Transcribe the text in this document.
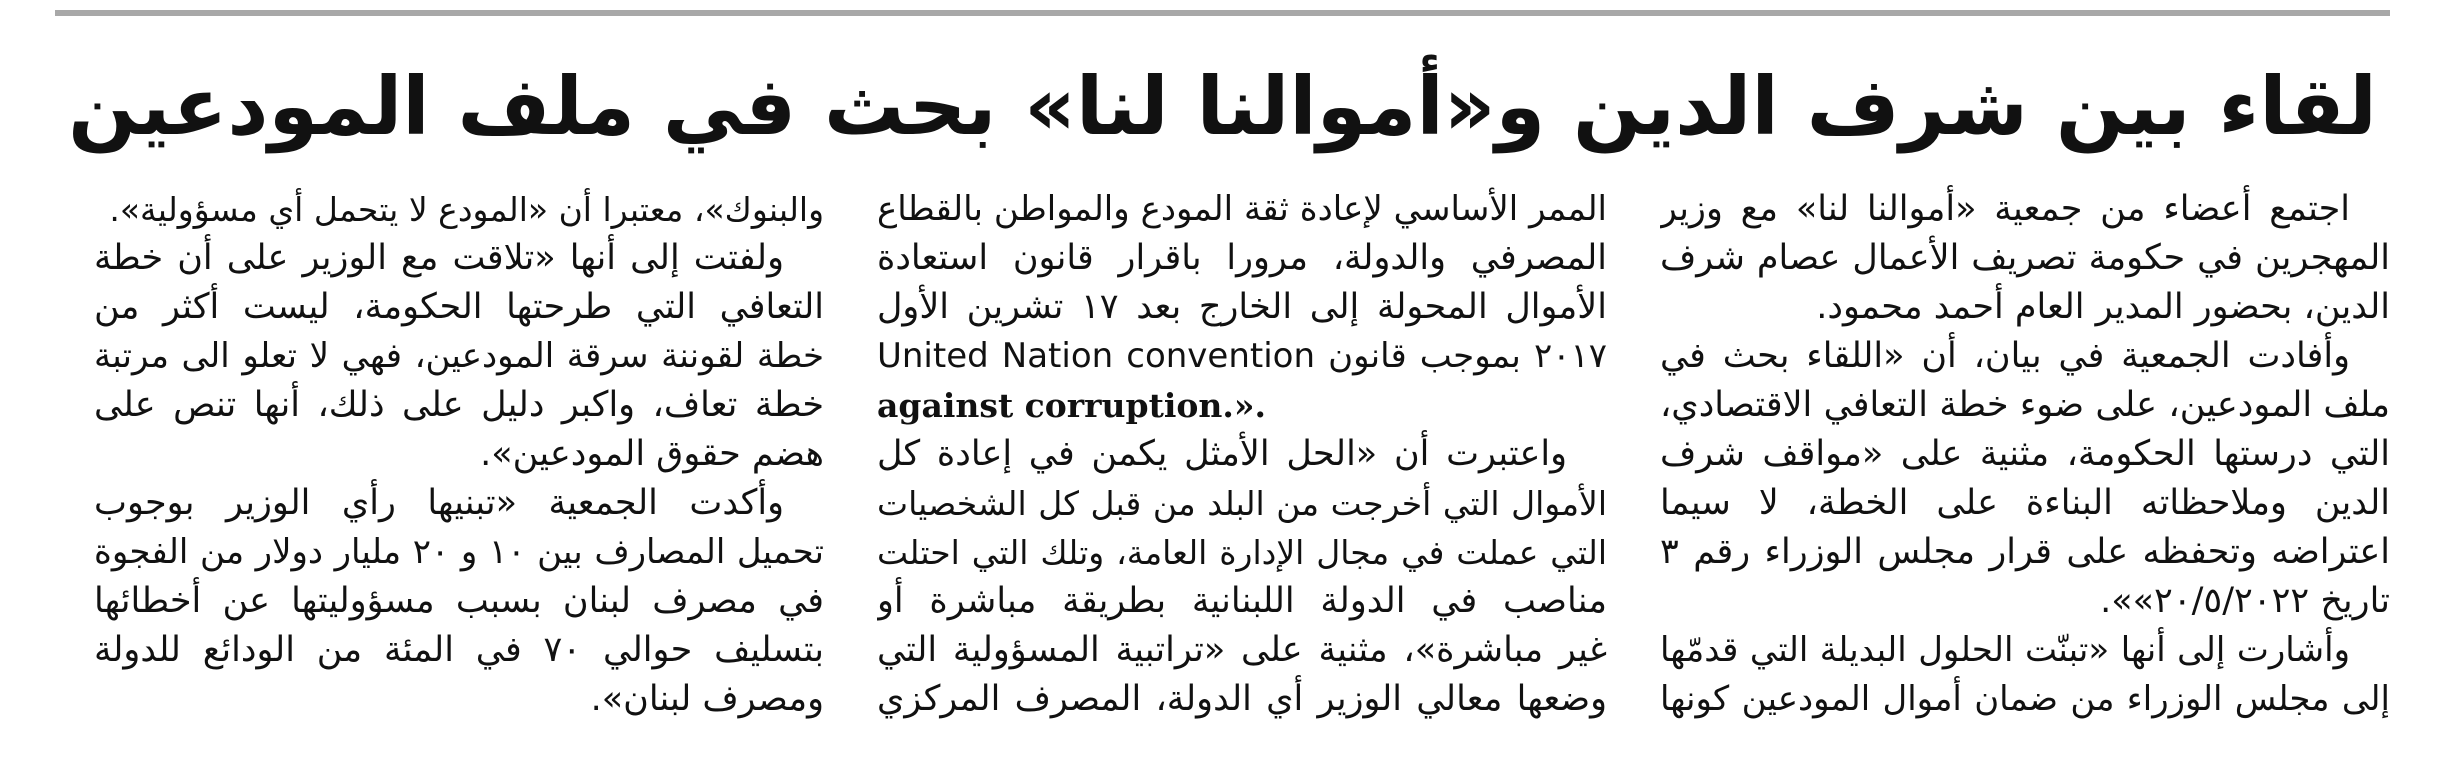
لقاء بين شرف الدين و«أموالنا لنا» بحث في ملف المودعين
اجتمع أعضاء من جمعية «أموالنا لنا» مع وزير
المهجرين في حكومة تصريف الأعمال عصام شرف
الدين، بحضور المدير العام أحمد محمود.
وأفادت الجمعية في بيان، أن «اللقاء بحث في
ملف المودعين، على ضوء خطة التعافي الاقتصادي،
التي درستها الحكومة، مثنية على «مواقف شرف
الدين وملاحظاته البناءة على الخطة، لا سيما
اعتراضه وتحفظه على قرار مجلس الوزراء رقم ٣
تاريخ ٢٠/٥/٢٠٢٢»».
وأشارت إلى أنها «تبنّت الحلول البديلة التي قدمّها
إلى مجلس الوزراء من ضمان أموال المودعين كونها
الممر الأساسي لإعادة ثقة المودع والمواطن بالقطاع
المصرفي والدولة، مرورا باقرار قانون استعادة
الأموال المحولة إلى الخارج بعد ١٧ تشرين الأول
٢٠١٧ بموجب قانون United Nation convention
against corruption.».
واعتبرت أن «الحل الأمثل يكمن في إعادة كل
الأموال التي أخرجت من البلد من قبل كل الشخصيات
التي عملت في مجال الإدارة العامة، وتلك التي احتلت
مناصب في الدولة اللبنانية بطريقة مباشرة أو
غير مباشرة»، مثنية على «تراتبية المسؤولية التي
وضعها معالي الوزير أي الدولة، المصرف المركزي
والبنوك»، معتبرا أن «المودع لا يتحمل أي مسؤولية».
ولفتت إلى أنها «تلاقت مع الوزير على أن خطة
التعافي التي طرحتها الحكومة، ليست أكثر من
خطة لقوننة سرقة المودعين، فهي لا تعلو الى مرتبة
خطة تعاف، واكبر دليل على ذلك، أنها تنص على
هضم حقوق المودعين».
وأكدت الجمعية «تبنيها رأي الوزير بوجوب
تحميل المصارف بين ١٠ و ٢٠ مليار دولار من الفجوة
في مصرف لبنان بسبب مسؤوليتها عن أخطائها
بتسليف حوالي ٧٠ في المئة من الودائع للدولة
ومصرف لبنان».
